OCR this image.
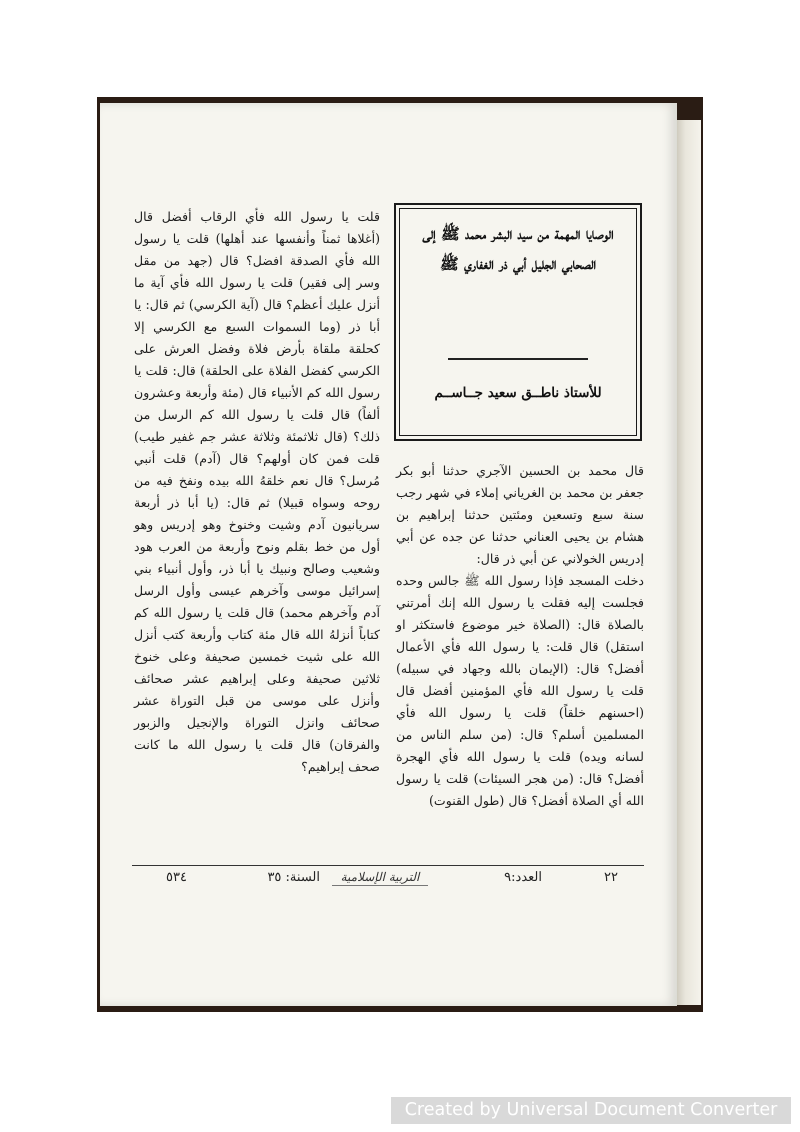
الوصايا المهمة من سيد البشر محمد ﷺ إلى الصحابي الجليل أبي ذر الغفاري ﷺ
للأستاذ ناطــق سعيد جــاســم

قال محمد بن الحسين الآجري حدثنا أبو بكر جعفر بن محمد بن الغرياني إملاء في شهر رجب سنة سبع وتسعين ومئتين حدثنا إبراهيم بن هشام بن يحيى العناني حدثنا عن جده عن أبي إدريس الخولاني عن أبي ذر قال:

دخلت المسجد فإذا رسول الله ﷺ جالس وحده فجلست إليه فقلت يا رسول الله إنك أمرتني بالصلاة قال: (الصلاة خير موضوع فاستكثر او استقل) قال قلت: يا رسول الله فأي الأعمال أفضل؟ قال: (الإيمان بالله وجهاد في سبيله) قلت يا رسول الله فأي المؤمنين أفضل قال (احسنهم خلقاً) قلت يا رسول الله فأي المسلمين أسلم؟ قال: (من سلم الناس من لسانه ويده) قلت يا رسول الله فأي الهجرة أفضل؟ قال: (من هجر السيئات) قلت يا رسول الله أي الصلاة أفضل؟ قال (طول القنوت)

قلت يا رسول الله فأي الرقاب أفضل قال (أغلاها ثمناً وأنفسها عند أهلها) قلت يا رسول الله فأي الصدقة افضل؟ قال (جهد من مقل وسر إلى فقير) قلت يا رسول الله فأي آية ما أنزل عليك أعظم؟ قال (آية الكرسي) ثم قال: يا أبا ذر (وما السموات السبع مع الكرسي إلا كحلقة ملقاة بأرض فلاة وفضل العرش على الكرسي كفضل الفلاة على الحلقة) قال: قلت يا رسول الله كم الأنبياء قال (مئة وأربعة وعشرون ألفاً) قال قلت يا رسول الله كم الرسل من ذلك؟ (قال ثلاثمئة وثلاثة عشر جم غفير طيب) قلت فمن كان أولهم؟ قال (آدم) قلت أنبي مُرسل؟ قال نعم خلقهُ الله بيده ونفخ فيه من روحه وسواه قبيلا) ثم قال: (يا أبا ذر أربعة سريانيون آدم وشيت وخنوخ وهو إدريس وهو أول من خط بقلم ونوح وأربعة من العرب هود وشعيب وصالح ونبيك يا أبا ذر، وأول أنبياء بني إسرائيل موسى وآخرهم عيسى وأول الرسل آدم وآخرهم محمد) قال قلت يا رسول الله كم كتاباً أنزلهُ الله قال مئة كتاب وأربعة كتب أنزل الله على شيت خمسين صحيفة وعلى خنوخ ثلاثين صحيفة وعلى إبراهيم عشر صحائف وأنزل على موسى من قبل التوراة عشر صحائف وانزل التوراة والإنجيل والزبور والفرقان) قال قلت يا رسول الله ما كانت صحف إبراهيم؟

٢٢
العدد:٩
التربية الإسلامية
السنة: ٣٥
٥٣٤
Created by Universal Document Converter
